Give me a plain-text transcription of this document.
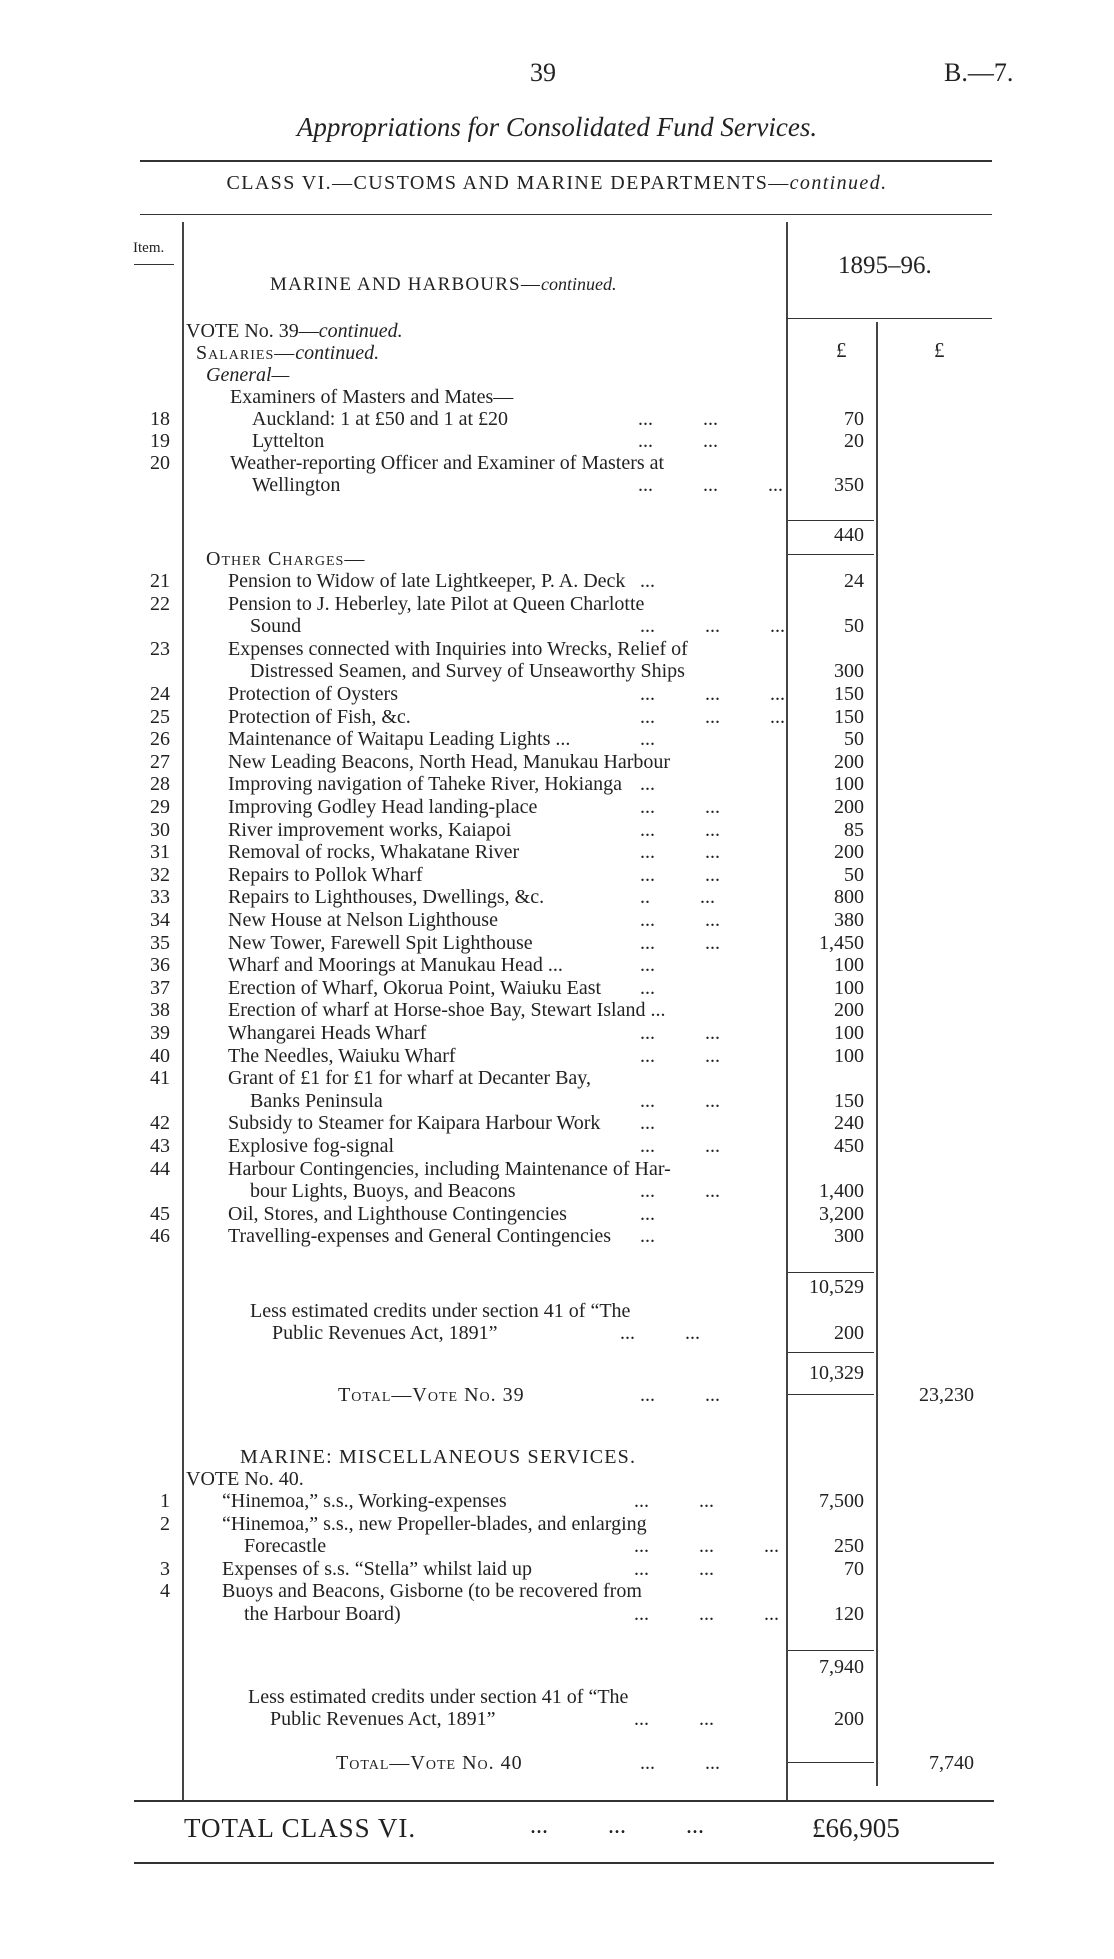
39	B.—7.
Appropriations for Consolidated Fund Services.
CLASS VI.—CUSTOMS AND MARINE DEPARTMENTS—continued.
Item.
MARINE AND HARBOURS—continued.
1895–96.
£	£
VOTE No. 39—continued.
Salaries—continued.
General—
Examiners of Masters and Mates—
18	Auckland: 1 at £50 and 1 at £20	...          ...	70
19	Lyttelton	...          ...	20
20	Weather-reporting Officer and Examiner of Masters at
Wellington	...          ...          ...	350
440
Other Charges—
21	Pension to Widow of late Lightkeeper, P. A. Deck ...	24
22	Pension to J. Heberley, late Pilot at Queen Charlotte
Sound	...          ...          ...	50
23	Expenses connected with Inquiries into Wrecks, Relief of
Distressed Seamen, and Survey of Unseaworthy Ships	300
24	Protection of Oysters	...          ...          ...	150
25	Protection of Fish, &c.	...          ...          ...	150
26	Maintenance of Waitapu Leading Lights ...	...	50
27	New Leading Beacons, North Head, Manukau Harbour	200
28	Improving navigation of Taheke River, Hokianga ...	100
29	Improving Godley Head landing-place	...          ...	200
30	River improvement works, Kaiapoi	...          ...	85
31	Removal of rocks, Whakatane River	...          ...	200
32	Repairs to Pollok Wharf	...          ...	50
33	Repairs to Lighthouses, Dwellings, &c.	..          ...	800
34	New House at Nelson Lighthouse	...          ...	380
35	New Tower, Farewell Spit Lighthouse	...          ...	1,450
36	Wharf and Moorings at Manukau Head ...	...	100
37	Erection of Wharf, Okorua Point, Waiuku East ...	100
38	Erection of wharf at Horse-shoe Bay, Stewart Island ...	200
39	Whangarei Heads Wharf	...          ...	100
40	The Needles, Waiuku Wharf	...          ...	100
41	Grant of £1 for £1 for wharf at Decanter Bay,
Banks Peninsula	...          ...	150
42	Subsidy to Steamer for Kaipara Harbour Work ...	240
43	Explosive fog-signal	...          ...	450
44	Harbour Contingencies, including Maintenance of Har-
bour Lights, Buoys, and Beacons	...          ...	1,400
45	Oil, Stores, and Lighthouse Contingencies	...	3,200
46	Travelling-expenses and General Contingencies ...	300
10,529
Less estimated credits under section 41 of “The
Public Revenues Act, 1891”	...          ...	200
10,329
Total—Vote No. 39	...          ...	23,230
MARINE: MISCELLANEOUS SERVICES.
VOTE No. 40.
1	“Hinemoa,” s.s., Working-expenses	...          ...	7,500
2	“Hinemoa,” s.s., new Propeller-blades, and enlarging
Forecastle	...          ...          ...	250
3	Expenses of s.s. “Stella” whilst laid up	...          ...	70
4	Buoys and Beacons, Gisborne (to be recovered from
the Harbour Board)	...          ...          ...	120
7,940
Less estimated credits under section 41 of “The
Public Revenues Act, 1891”	...          ...	200
Total—Vote No. 40	...          ...	7,740
TOTAL CLASS VI.	...          ...          ...	£66,905
